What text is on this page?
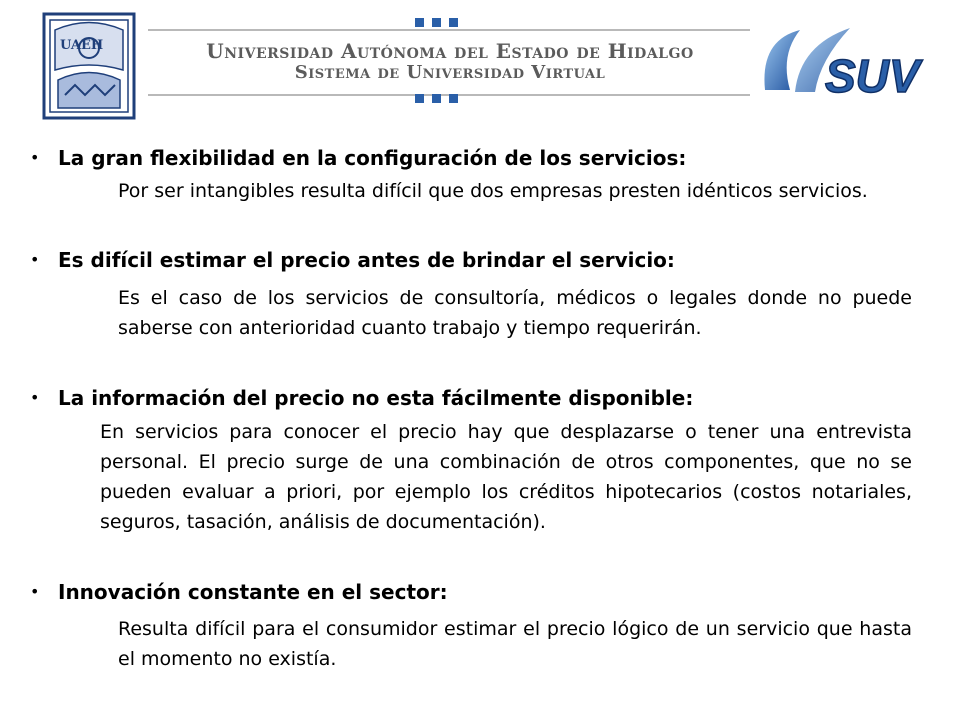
UAEH	Universidad Autónoma del Estado de Hidalgo
Sistema de Universidad Virtual	SUV
• La gran flexibilidad en la configuración de los servicios:
Por ser intangibles resulta difícil que dos empresas presten idénticos servicios.
• Es difícil estimar el precio antes de brindar el servicio:
Es el caso de los servicios de consultoría, médicos o legales donde no puede saberse con anterioridad cuanto trabajo y tiempo requerirán.
• La información del precio no esta fácilmente disponible:
En servicios para conocer el precio hay que desplazarse o tener una entrevista personal. El precio surge de una combinación de otros componentes, que no se pueden evaluar a priori, por ejemplo los créditos hipotecarios (costos notariales, seguros, tasación, análisis de documentación).
• Innovación constante en el sector:
Resulta difícil para el consumidor estimar el precio lógico de un servicio que hasta el momento no existía.
